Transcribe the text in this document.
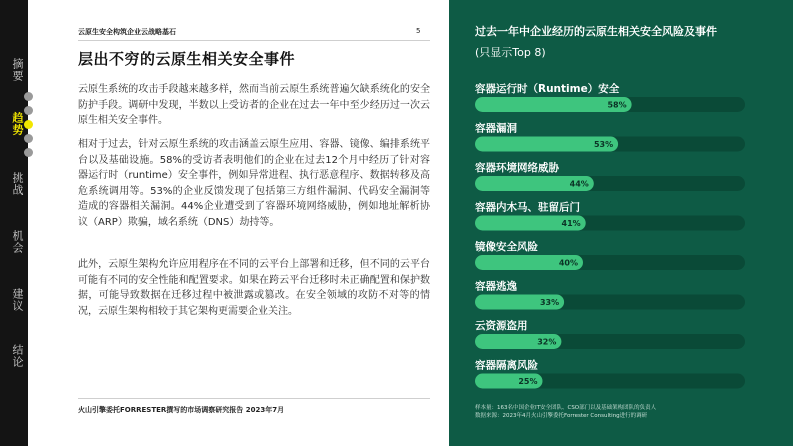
摘要
趋势
挑战
机会
建议
结论
云原生安全构筑企业云战略基石	5
层出不穷的云原生相关安全事件

云原生系统的攻击手段越来越多样，然而当前云原生系统普遍欠缺系统化的安全防护手段。调研中发现，半数以上受访者的企业在过去一年中至少经历过一次云原生相关安全事件。

相对于过去，针对云原生系统的攻击涵盖云原生应用、容器、镜像、编排系统平台以及基础设施。58%的受访者表明他们的企业在过去12个月中经历了针对容器运行时（runtime）安全事件，例如异常进程、执行恶意程序、数据转移及高危系统调用等。53%的企业反馈发现了包括第三方组件漏洞、代码安全漏洞等造成的容器相关漏洞。44%企业遭受到了容器环境网络威胁，例如地址解析协议（ARP）欺骗，域名系统（DNS）劫持等。

此外，云原生架构允许应用程序在不同的云平台上部署和迁移，但不同的云平台可能有不同的安全性能和配置要求。如果在跨云平台迁移时未正确配置和保护数据，可能导致数据在迁移过程中被泄露或篡改。在安全领域的攻防不对等的情况，云原生架构相较于其它架构更需要企业关注。

火山引擎委托FORRESTER撰写的市场调察研究报告 2023年7月
过去一年中企业经历的云原生相关安全风险及事件
(只显示Top 8)
容器运行时（Runtime）安全
58%
容器漏洞
53%
容器环境网络威胁
44%
容器内木马、驻留后门
41%
镜像安全风险
40%
容器逃逸
33%
云资源盗用
32%
容器隔离风险
25%
样本量：163名中国企业IT安全团队、CSO部门以及基础架构团队的负责人
数据来源：2023年4月火山引擎委托Forrester Consulting进行的调研
